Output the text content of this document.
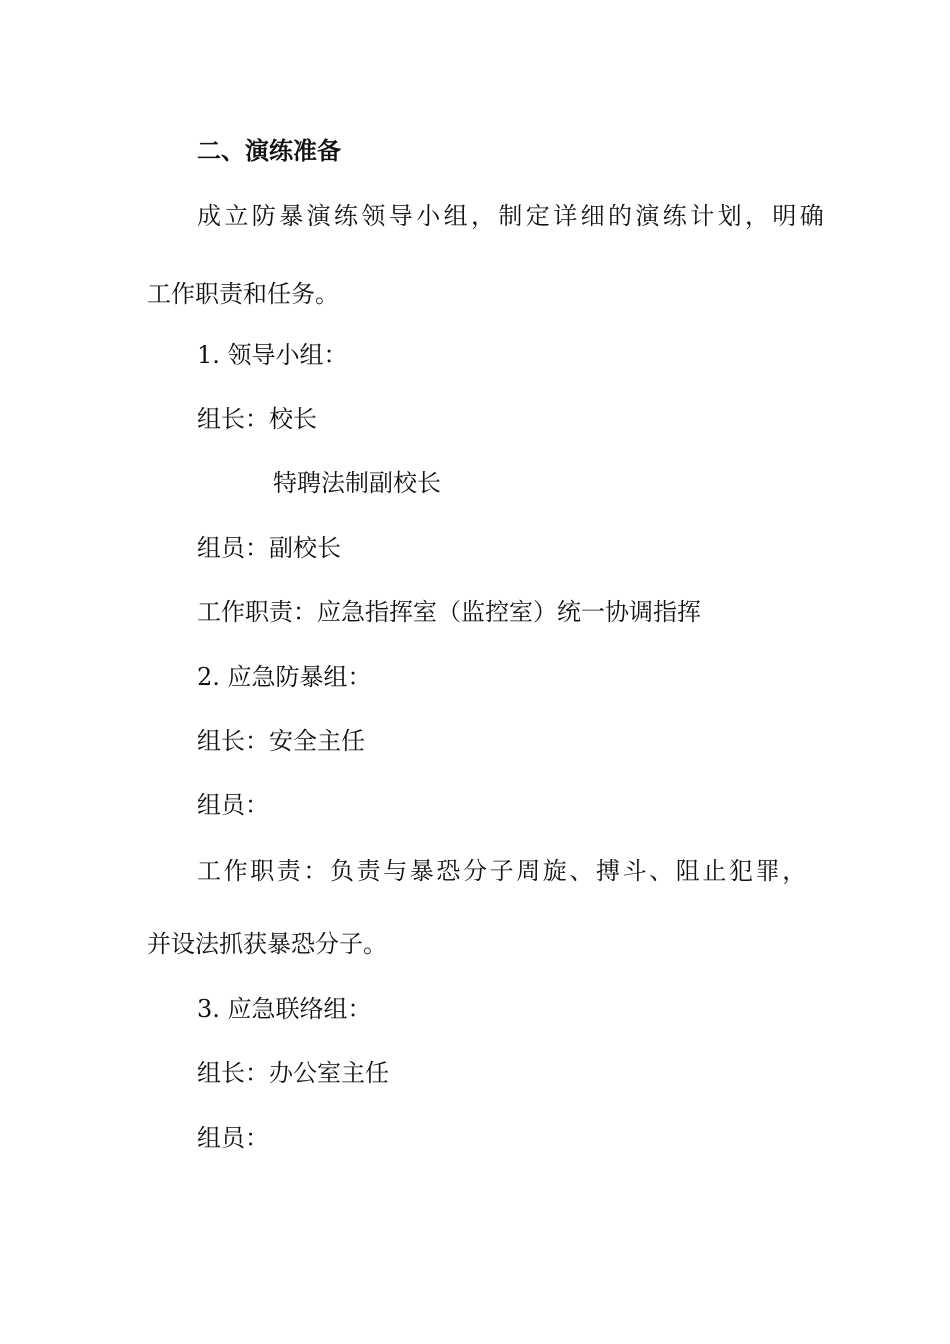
二、演练准备
成立防暴演练领导小组，制定详细的演练计划，明确
工作职责和任务。
1. 领导小组：
组长：校长
特聘法制副校长
组员：副校长
工作职责：应急指挥室（监控室）统一协调指挥
2. 应急防暴组：
组长：安全主任
组员：
工作职责：负责与暴恐分子周旋、搏斗、阻止犯罪，
并设法抓获暴恐分子。
3. 应急联络组：
组长：办公室主任
组员：
